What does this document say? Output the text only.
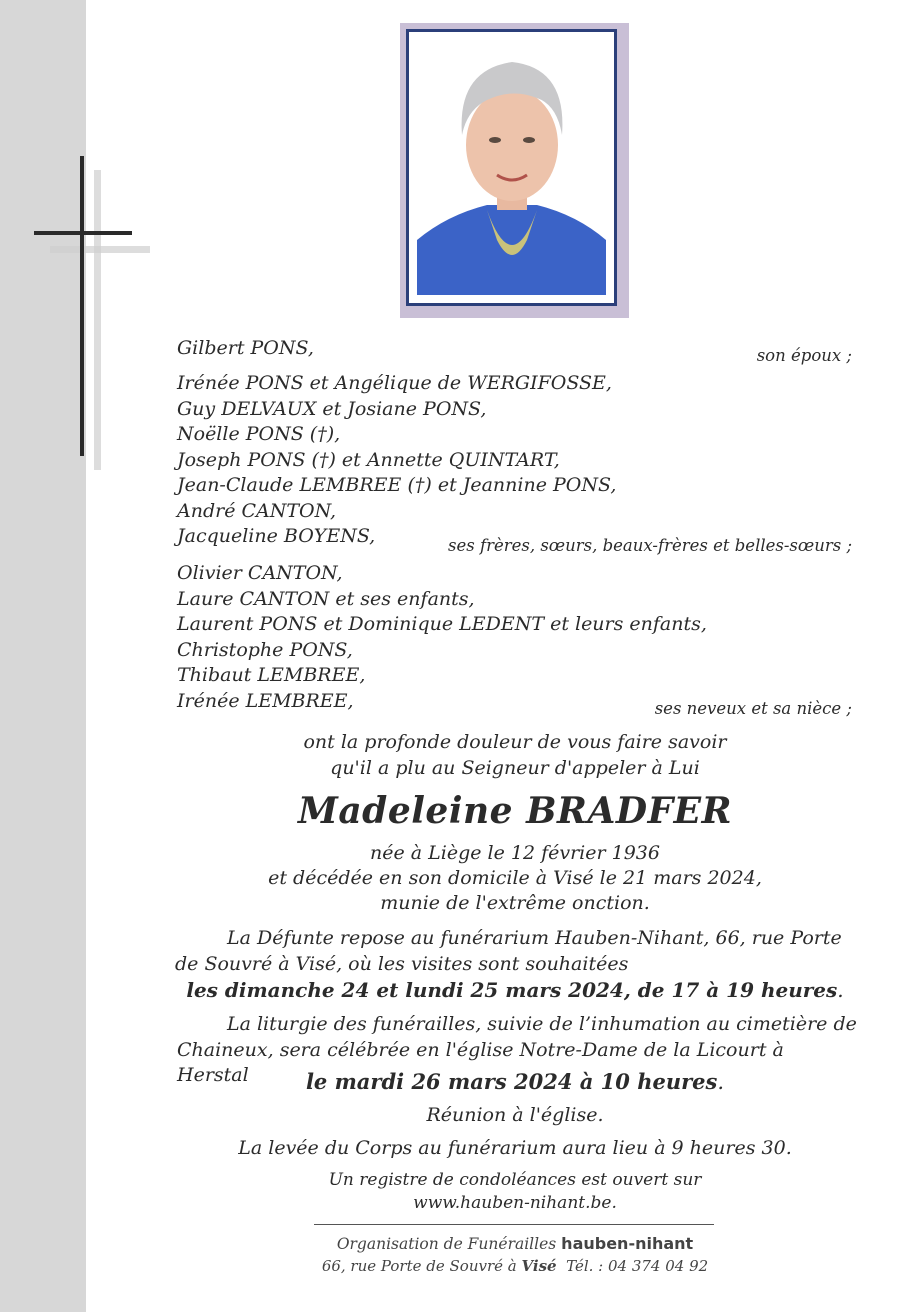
Gilbert PONS,	son époux ;
Irénée PONS et Angélique de WERGIFOSSE,
Guy DELVAUX et Josiane PONS,
Noëlle PONS (†),
Joseph PONS (†) et Annette QUINTART,
Jean-Claude LEMBREE (†) et Jeannine PONS,
André CANTON,
Jacqueline BOYENS,	ses frères, sœurs, beaux-frères et belles-sœurs ;
Olivier CANTON,
Laure CANTON et ses enfants,
Laurent PONS et Dominique LEDENT et leurs enfants,
Christophe PONS,
Thibaut LEMBREE,
Irénée LEMBREE,	ses neveux et sa nièce ;
ont la profonde douleur de vous faire savoir
qu'il a plu au Seigneur d'appeler à Lui
Madeleine BRADFER
née à Liège le 12 février 1936
et décédée en son domicile à Visé le 21 mars 2024,
munie de l'extrême onction.
La Défunte repose au funérarium Hauben-Nihant, 66, rue Porte
de Souvré à Visé, où les visites sont souhaitées
les dimanche 24 et lundi 25 mars 2024, de 17 à 19 heures.
La liturgie des funérailles, suivie de l’inhumation au cimetière de
Chaineux, sera célébrée en l'église Notre-Dame de la Licourt à Herstal	le mardi 26 mars 2024 à 10 heures.
Réunion à l'église.
La levée du Corps au funérarium aura lieu à 9 heures 30.
Un registre de condoléances est ouvert sur
www.hauben-nihant.be.
Organisation de Funérailles hauben-nihant
66, rue Porte de Souvré à Visé Tél. : 04 374 04 92
